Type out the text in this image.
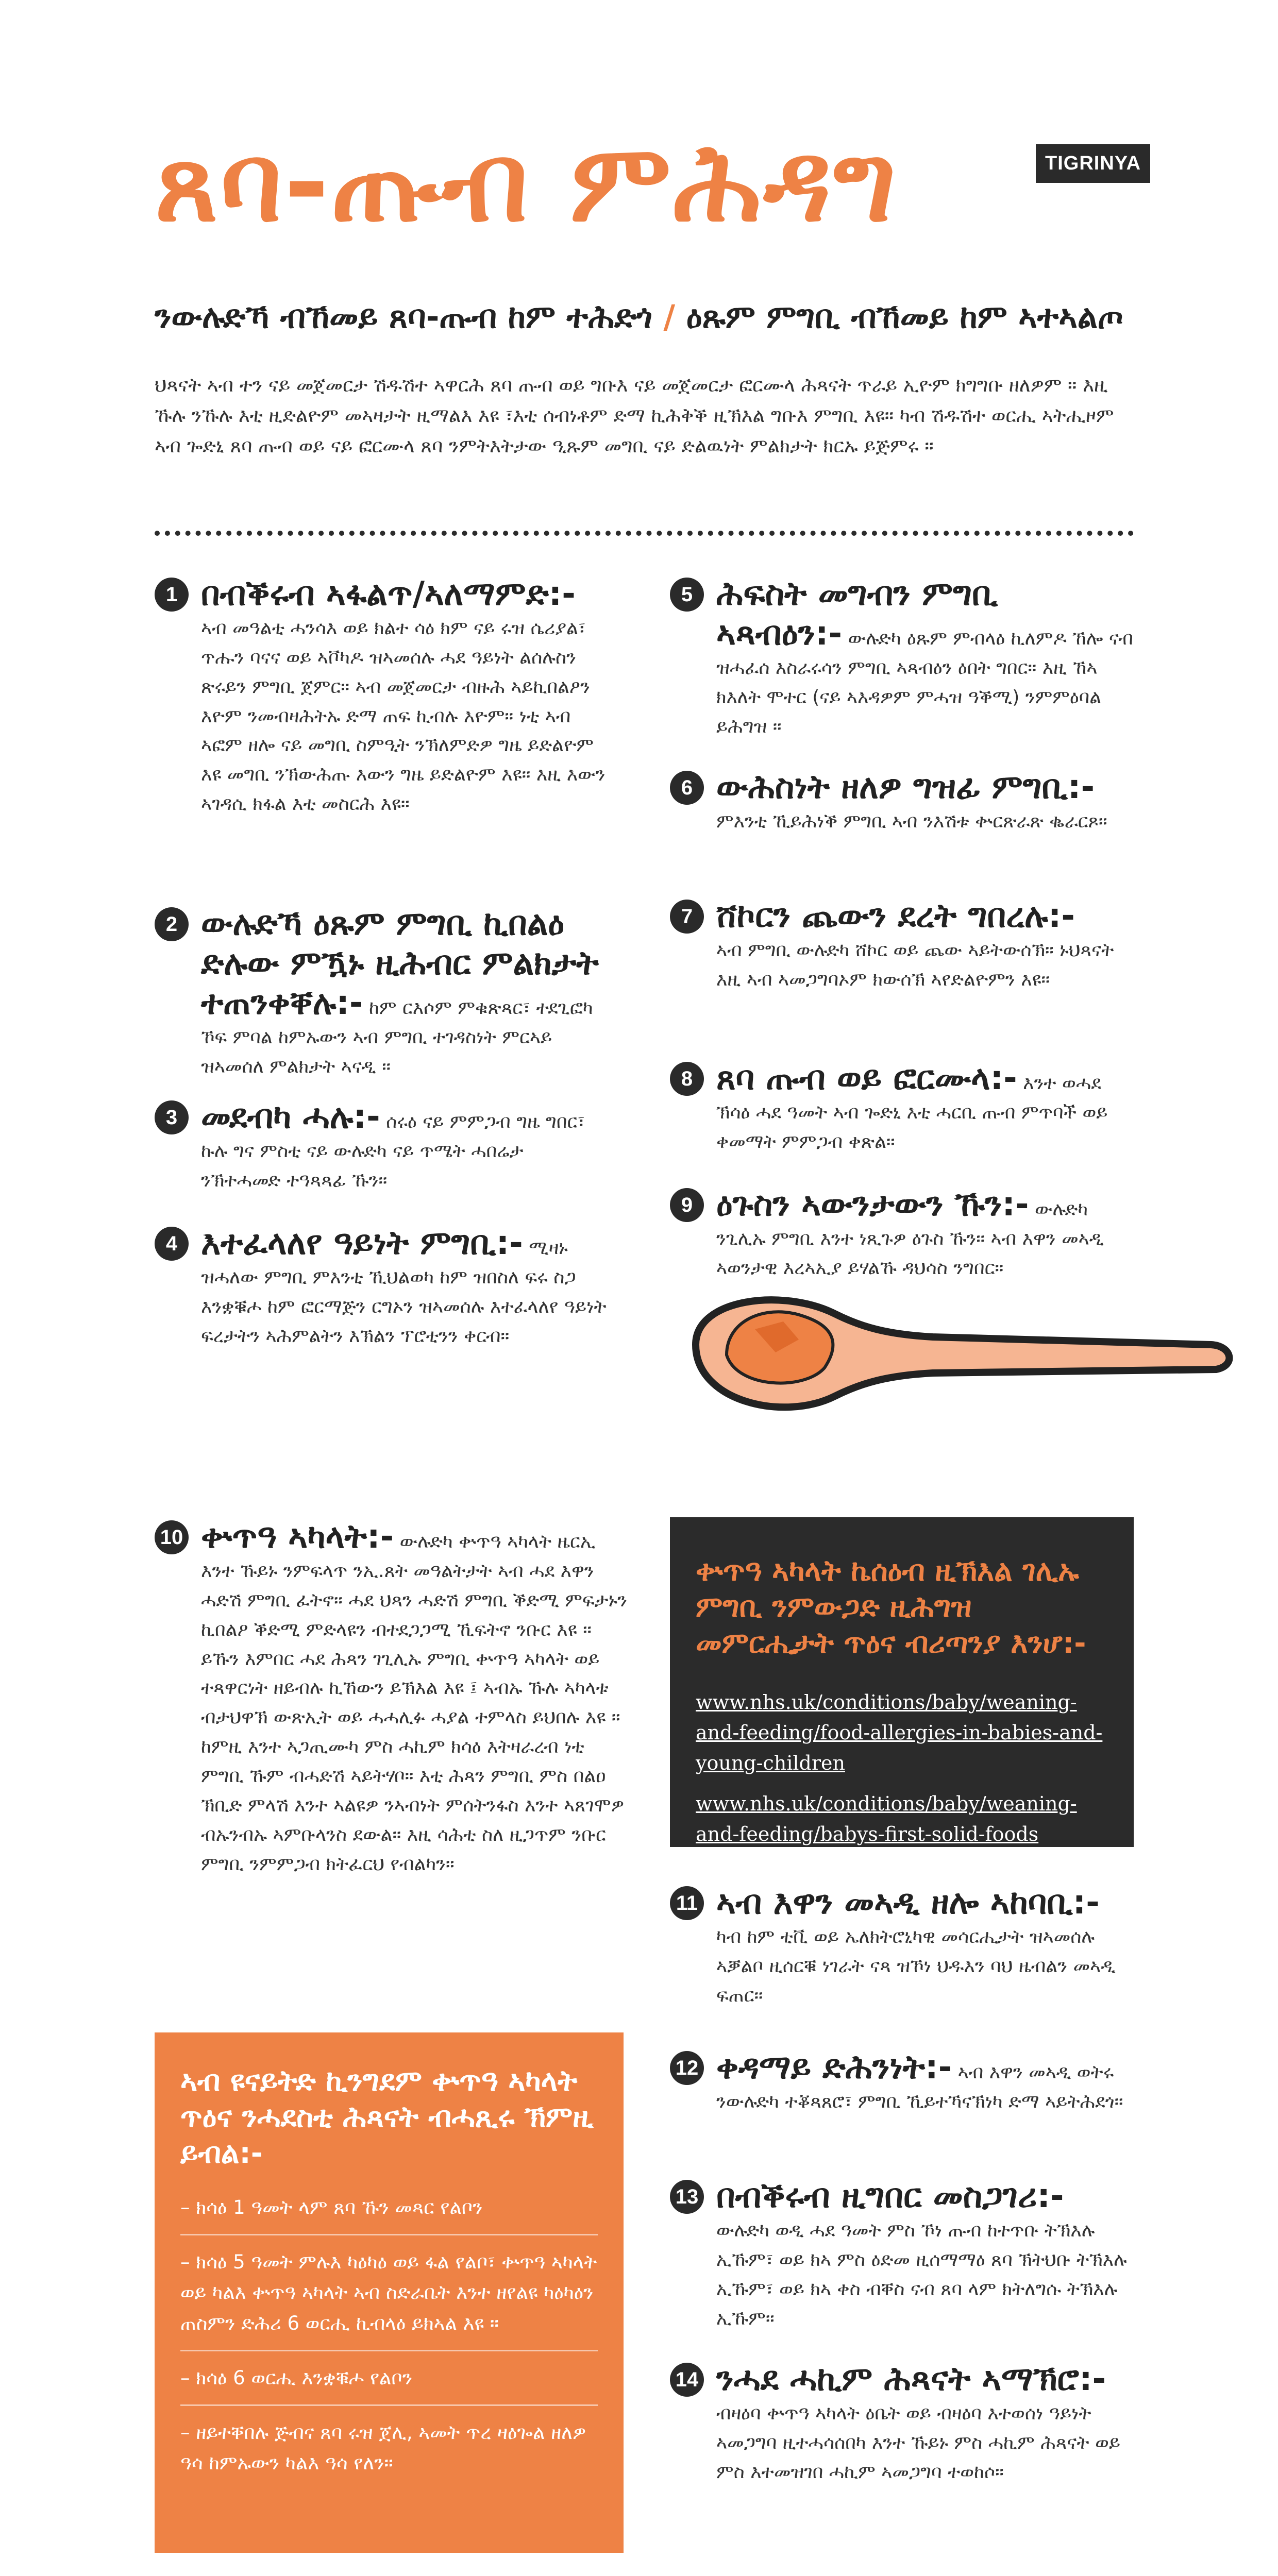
ጸባ-ጡብ ምሕዳግ	TIGRINYA
ንውሉድኻ ብኸመይ ጸባ-ጡብ ከም ተሕድጎ / ዕጹም ምግቢ ብኸመይ ከም ኣተኣልጦ

ህጻናት ኣብ ተን ናይ መጀመርታ ሽዱሽተ ኣዋርሕ ጸባ ጡብ ወይ ግቡእ ናይ መጀመርታ ፎርሙላ ሕጻናት ጥራይ ኢዮም ክግግቡ ዘለዎም ። እዚ ኹሉ ንኹሉ እቲ ዚድልዮም መኣዛታት ዚማልእ እዩ ፣እቲ ሰብነቶም ድማ ኪሕቅቕ ዚኽእል ግቡእ ምግቢ እዩ። ካብ ሽዱሽተ ወርሒ ኣትሒዞም ኣብ ጐድኒ ጸባ ጡብ ወይ ናይ ፎርሙላ ጸባ ንምትእትታው ዒጹም መግቢ ናይ ድልዉነት ምልክታት ክርኡ ይጅምሩ ።

1 በብቕሩብ ኣፋልጥ/ኣለማምድ:-
ኣብ መዓልቲ ሓንሳእ ወይ ክልተ ሳዕ ክም ናይ ሩዝ ሴሪያል፣ ጥሑን ባናና ወይ ኣቮካዶ ዝኣመሰሉ ሓደ ዓይነት ልሰሉስን ጽሩይን ምግቢ ጀምር። ኣብ መጀመርታ ብዙሕ ኣይኪበልዖን እዮም ንመብዛሕትኡ ድማ ጠፍ ኪብሉ እዮም። ነቲ ኣብ ኣፎም ዘሎ ናይ መግቢ ስምዒት ንኽለምድዎ ግዜ ይድልዮም እዩ መግቢ ንኽውሕጡ እውን ግዜ ይድልዮም እዩ። እዚ እውን ኣገዳሲ ክፋል እቲ መስርሕ እዩ።
2 ውሉድኻ ዕጹም ምግቢ ኪበልዕ ድሉው ምዃኑ ዚሕብር ምልክታት ተጠንቀቐሉ:- ከም ርእሶም ምቁጽጻር፣ ተደጊፎካ ኾፍ ምባል ከምኡውን ኣብ ምግቢ ተገዳስነት ምርኣይ ዝኣመሰለ ምልክታት ኣናዲ ።
3 መደብካ ሓሉ:- ሰሩዕ ናይ ምምጋብ ግዜ ግበር፣ ኩሉ ግና ምስቲ ናይ ውሉድካ ናይ ጥሜት ሓበሬታ ንኽተሓመድ ተዓጻጻፊ ኹን።
4 እተፈላለየ ዓይነት ምግቢ:- ሚዛኑ ዝሓለው ምግቢ ምእንቲ ኺህልወካ ከም ዝበስለ ፍሩ ስጋ እንቋቑሖ ከም ፎርማጅን ርግኦን ዝኣመሰሉ እተፈላለየ ዓይነት ፍረታትን ኣሕምልትን እኽልን ፕሮቲንን ቀርብ።
5 ሕፍስት መግብን ምግቢ ኣጻብዕን:- ውሉድካ ዕጹም ምብላዕ ኪለምዶ ኸሎ ናብ ዝሓፈሰ እስራሩሳን ምግቢ ኣጻብዕን ዕበት ግበር። እዚ ኸኣ ክእለት ሞተር (ናይ ኣእዳዎም ምሓዝ ዓቕሚ) ንምምዕባል ይሕግዝ ።
6 ውሕስነት ዘለዎ ግዝፊ ምግቢ:-
ምእንቲ ኺይሕነቕ ምግቢ ኣብ ንእሽቱ ቍርጽራጽ ቈራርጾ።
7 ሸኮርን ጨውን ደረት ግበረሉ:-
ኣብ ምግቢ ውሉድካ ሸኮር ወይ ጨው ኣይትውሰኽ። ኑህጻናት እዚ ኣብ ኣመጋግባኦም ክውሰኽ ኣየድልዮምን እዩ።
8 ጸባ ጡብ ወይ ፎርሙላ:- እንተ ወሓደ ኽሳዕ ሓደ ዓመት ኣብ ጐድኒ እቲ ሓርቢ ጡብ ምጥባች ወይ ቀመማት ምምጋብ ቀጽል።
9 ዕጉስን ኣውንታውን ኹን:- ውሉድካ ንጊሊኡ ምግቢ እንተ ነጺጉዎ ዕጉስ ኹን። ኣብ እዋን መኣዲ ኣወንታዊ እረኣኢያ ይሃልኹ ዳህሳስ ንግበር።
10 ቍጥዓ ኣካላት:- ውሉድካ ቍጥዓ ኣካላት ዜርኢ እንተ ኹይኑ ንምፍላጥ ንኢ.ጸት መዓልትታት ኣብ ሓደ እዋን ሓድሽ ምግቢ ፈትኖ። ሓደ ህጻን ሓድሽ ምግቢ ቕድሚ ምፍታኑን ኪበልዖ ቕድሚ ምድላዩን ብተደጋጋሚ ኺፍትኖ ንቡር እዩ ። ይኹን እምበር ሓደ ሕጻን ገጊሊኡ ምግቢ ቍጥዓ ኣካላት ወይ ተጻዋርነት ዘይብሉ ኪኸውን ይኽእል እዩ ፤ ኣብኡ ኹሉ ኣካላቱ ብታህዋኽ ውጽኢት ወይ ሓሓሊፉ ሓያል ተምላስ ይህበሉ እዩ ። ከምዚ እንተ ኣጋጢሙካ ምስ ሓኪም ክሳዕ እትዛራረብ ነቲ ምግቢ ኹም ብሓድሽ ኣይትሃቦ። እቲ ሕጻን ምግቢ ምስ በልዐ ኽቢድ ምላሽ እንተ ኣልዩዎ ንኣብነት ምሰትንፋስ እንተ ኣጸገሞዎ ብኡንብኡ ኣምቡላንስ ደውል። እዚ ሳሕቲ ስለ ዚጋጥም ንቡር ምግቢ ንምምጋብ ክትፈርህ የብልካን።
ቍጥዓ ኣካላት ኬሰዕብ ዚኽእል ገሊኡ ምግቢ ንምውጋድ ዚሕግዝ መምርሒታት ጥዕና ብሪጣንያ እንሆ:-
www.nhs.uk/conditions/baby/weaning-and-feeding/food-allergies-in-babies-and-young-children
www.nhs.uk/conditions/baby/weaning-and-feeding/babys-first-solid-foods
11 ኣብ እዋን መኣዲ ዘሎ ኣከባቢ:-
ካብ ከም ቲቪ ወይ ኤለክትሮኒካዊ መሳርሒታት ዝኣመሰሉ ኣቓልቦ ዚሰርቑ ነገራት ናጻ ዝኾነ ህዱእን ባህ ዜብልን መኣዲ ፍጠር።
12 ቀዳማይ ድሕንነት:- ኣብ እዋን መኣዲ ወትሩ ንውሉድካ ተቖጻጸሮ፣ ምግቢ ኺይተኻናኽነካ ድማ ኣይትሕደጎ።
13 በብቕሩብ ዚግበር መስጋገሪ:-
ውሉድካ ወዲ ሓደ ዓመት ምስ ኾነ ጡብ ከተጥቡ ትኽእሉ ኢኹም፣ ወይ ክኣ ምስ ዕድመ ዚሰማማዕ ጸባ ኽትህቡ ትኽእሉ ኢኹም፣ ወይ ክኣ ቀስ ብቐስ ናብ ጸባ ላም ክትለግሱ ትኽእሉ ኢኹም።
14 ንሓደ ሓኪም ሕጻናት ኣማኽሮ:-
ብዛዕባ ቍጥዓ ኣካላት ዕቤት ወይ ብዛዕባ እተወሰነ ዓይነት ኣመጋግባ ዚተሓሳሰበካ እንተ ኹይኑ ምስ ሓኪም ሕጻናት ወይ ምስ እተመዝገበ ሓኪም ኣመጋግባ ተወከሶ።
ኣብ ዩናይትድ ኪንግደም ቍጥዓ ኣካላት ጥዕና ንሓደስቲ ሕጻናት ብሓጺሩ ኽምዚ ይብል:-
– ክሳዕ 1 ዓመት ላም ጸባ ኹን መጻር የልቦን
– ክሳዕ 5 ዓመት ምሉእ ካዕካዕ ወይ ፋል የልቦ፣ ቍጥዓ ኣካላት ወይ ካልእ ቍጥዓ ኣካላት ኣብ ስድራቤት እንተ ዘየልዩ ካዕካዕን ጠስምን ድሕሪ 6 ወርሒ ኪብላዕ ይክኣል እዩ ።
– ክሳዕ 6 ወርሒ እንቋቑሖ የልቦን
– ዘይተቐበሉ ጅብና ጸባ ሩዝ ጀሊ, ኣመት ጥረ ዛዕጐል ዘለዎ ዓሳ ከምኡውን ካልእ ዓሳ የለን።
